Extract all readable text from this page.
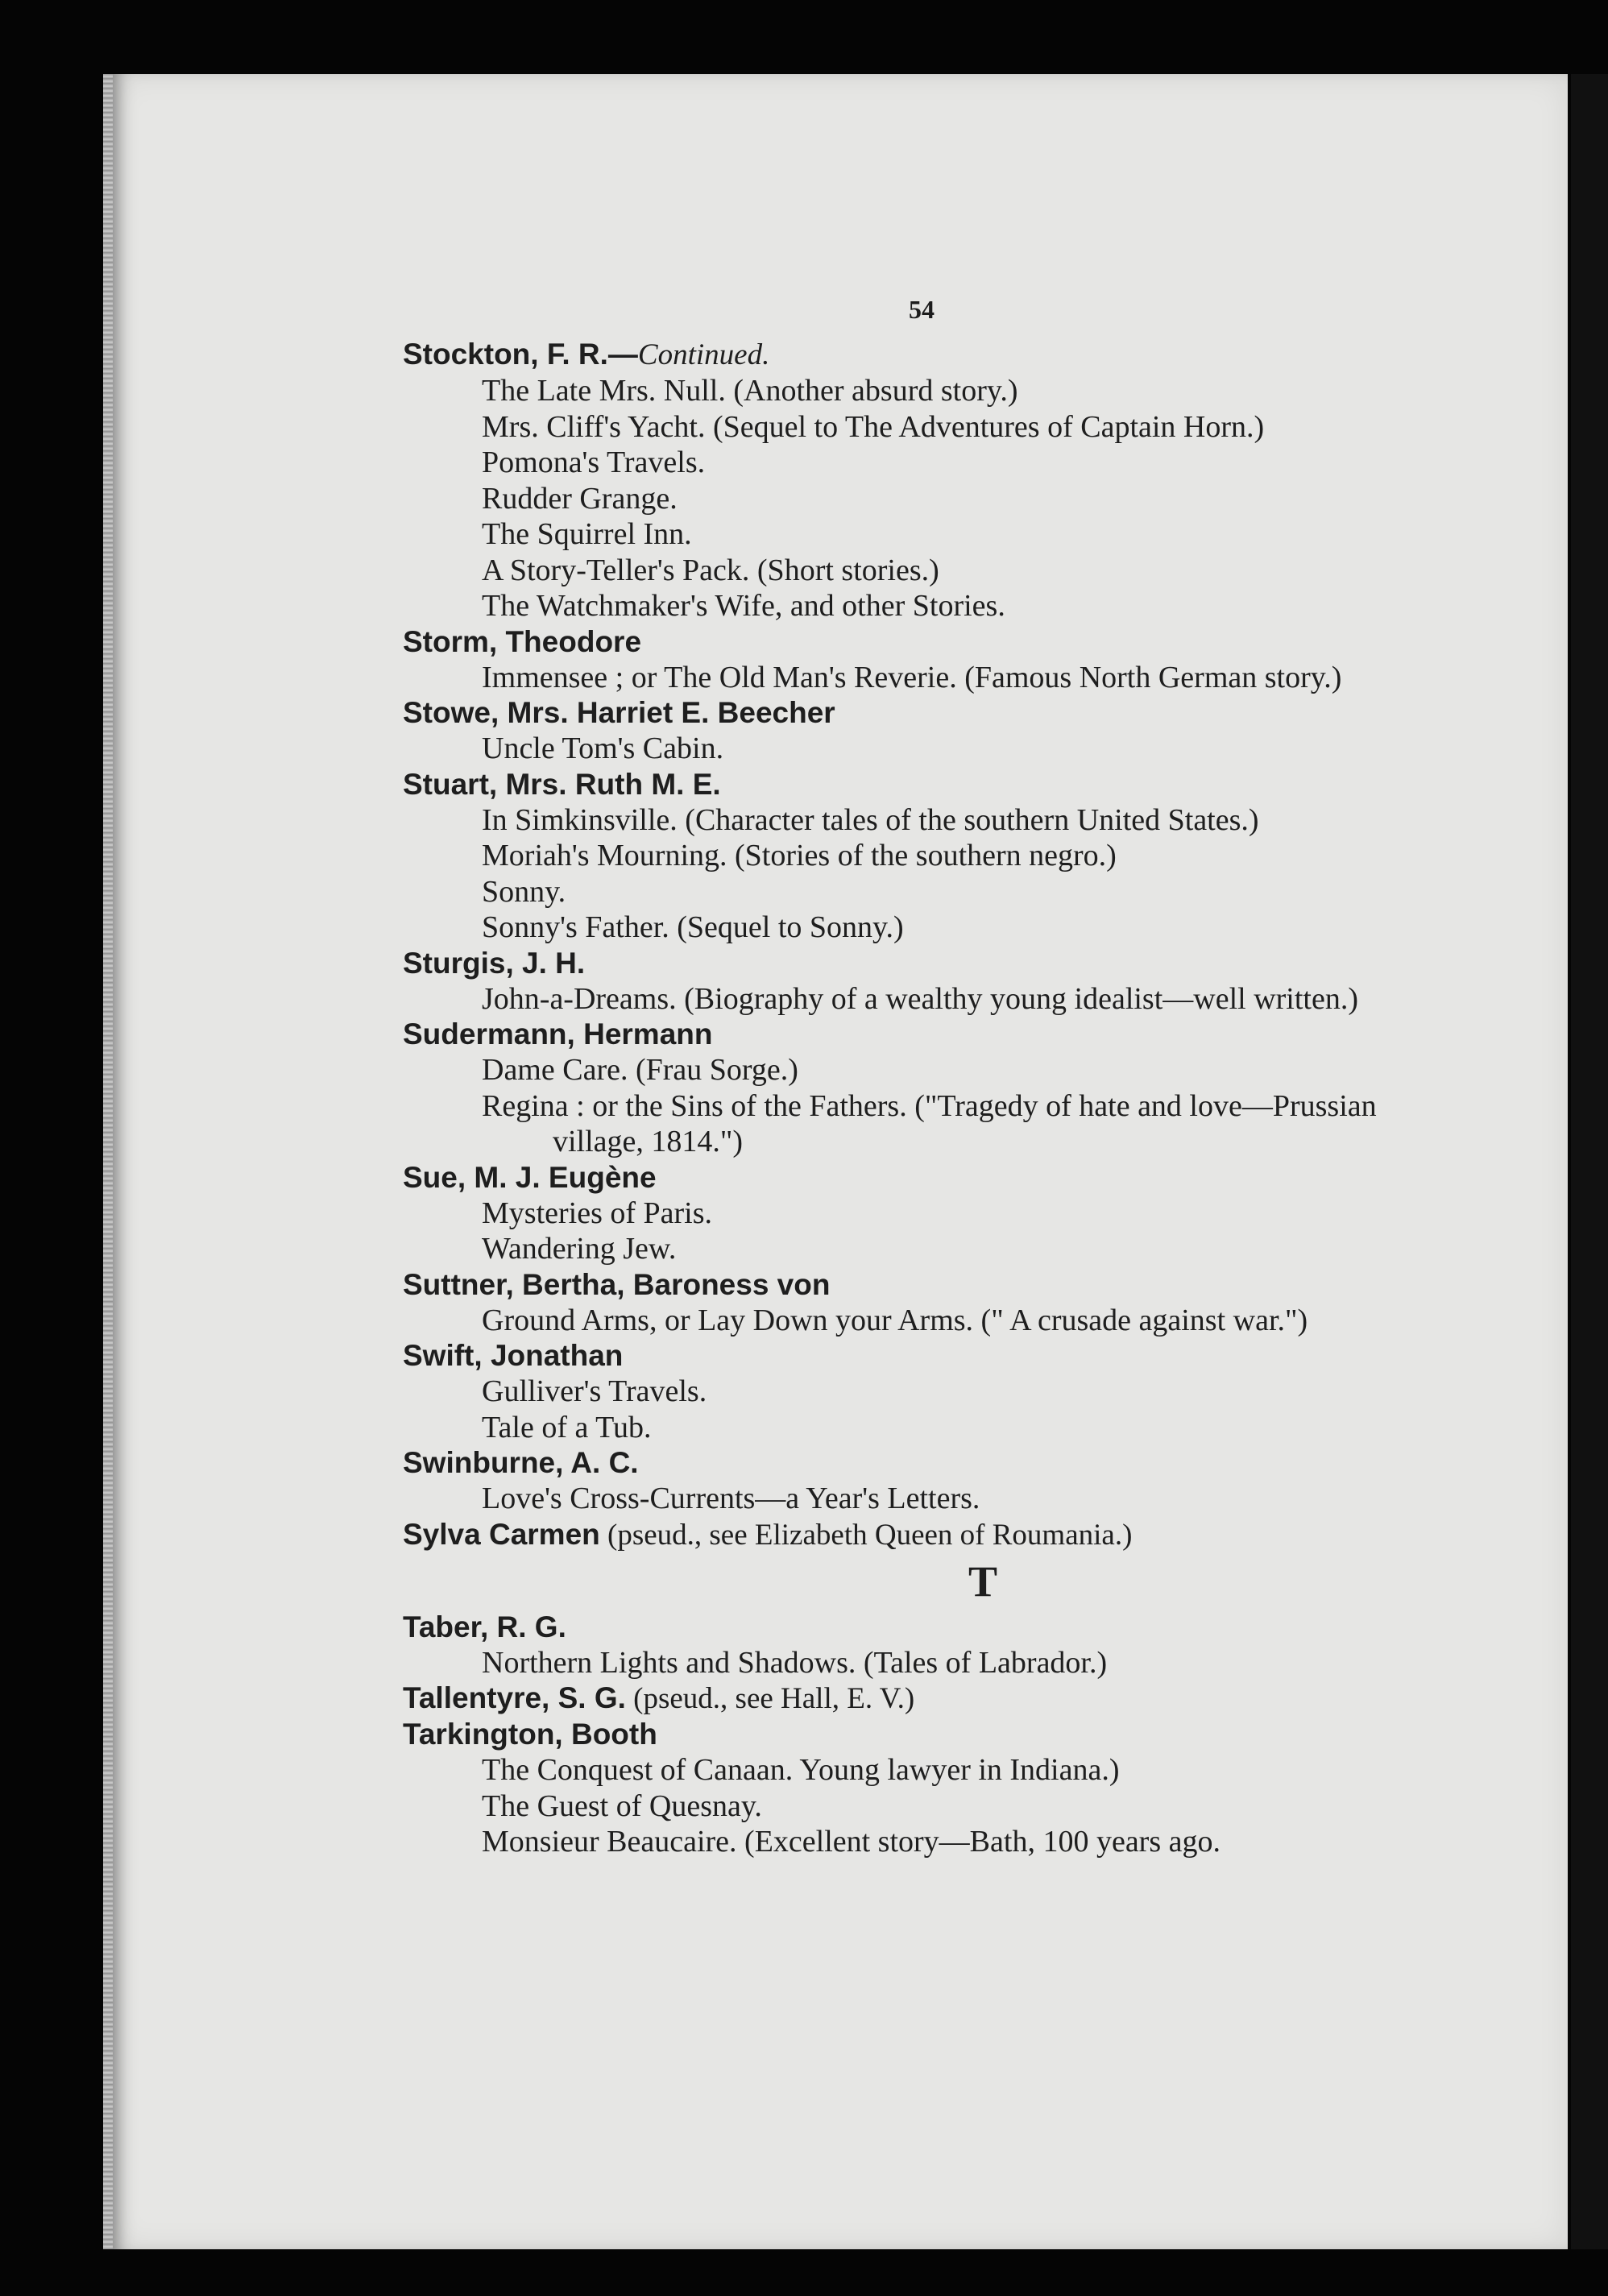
54

Stockton, F. R.—Continued.

The Late Mrs. Null. (Another absurd story.)

Mrs. Cliff's Yacht. (Sequel to The Adventures of Captain Horn.)

Pomona's Travels.

Rudder Grange.

The Squirrel Inn.

A Story-Teller's Pack. (Short stories.)

The Watchmaker's Wife, and other Stories.

Storm, Theodore

Immensee ; or The Old Man's Reverie. (Famous North German story.)

Stowe, Mrs. Harriet E. Beecher

Uncle Tom's Cabin.

Stuart, Mrs. Ruth M. E.

In Simkinsville. (Character tales of the southern United States.)

Moriah's Mourning. (Stories of the southern negro.)

Sonny.

Sonny's Father. (Sequel to Sonny.)

Sturgis, J. H.

John-a-Dreams. (Biography of a wealthy young idealist—well written.)

Sudermann, Hermann

Dame Care. (Frau Sorge.)

Regina : or the Sins of the Fathers. ("Tragedy of hate and love—Prussian village, 1814.")

Sue, M. J. Eugène

Mysteries of Paris.

Wandering Jew.

Suttner, Bertha, Baroness von

Ground Arms, or Lay Down your Arms. (" A crusade against war.")

Swift, Jonathan

Gulliver's Travels.

Tale of a Tub.

Swinburne, A. C.

Love's Cross-Currents—a Year's Letters.

Sylva Carmen (pseud., see Elizabeth Queen of Roumania.)

T

Taber, R. G.

Northern Lights and Shadows. (Tales of Labrador.)

Tallentyre, S. G. (pseud., see Hall, E. V.)

Tarkington, Booth

The Conquest of Canaan. Young lawyer in Indiana.)

The Guest of Quesnay.

Monsieur Beaucaire. (Excellent story—Bath, 100 years ago.
